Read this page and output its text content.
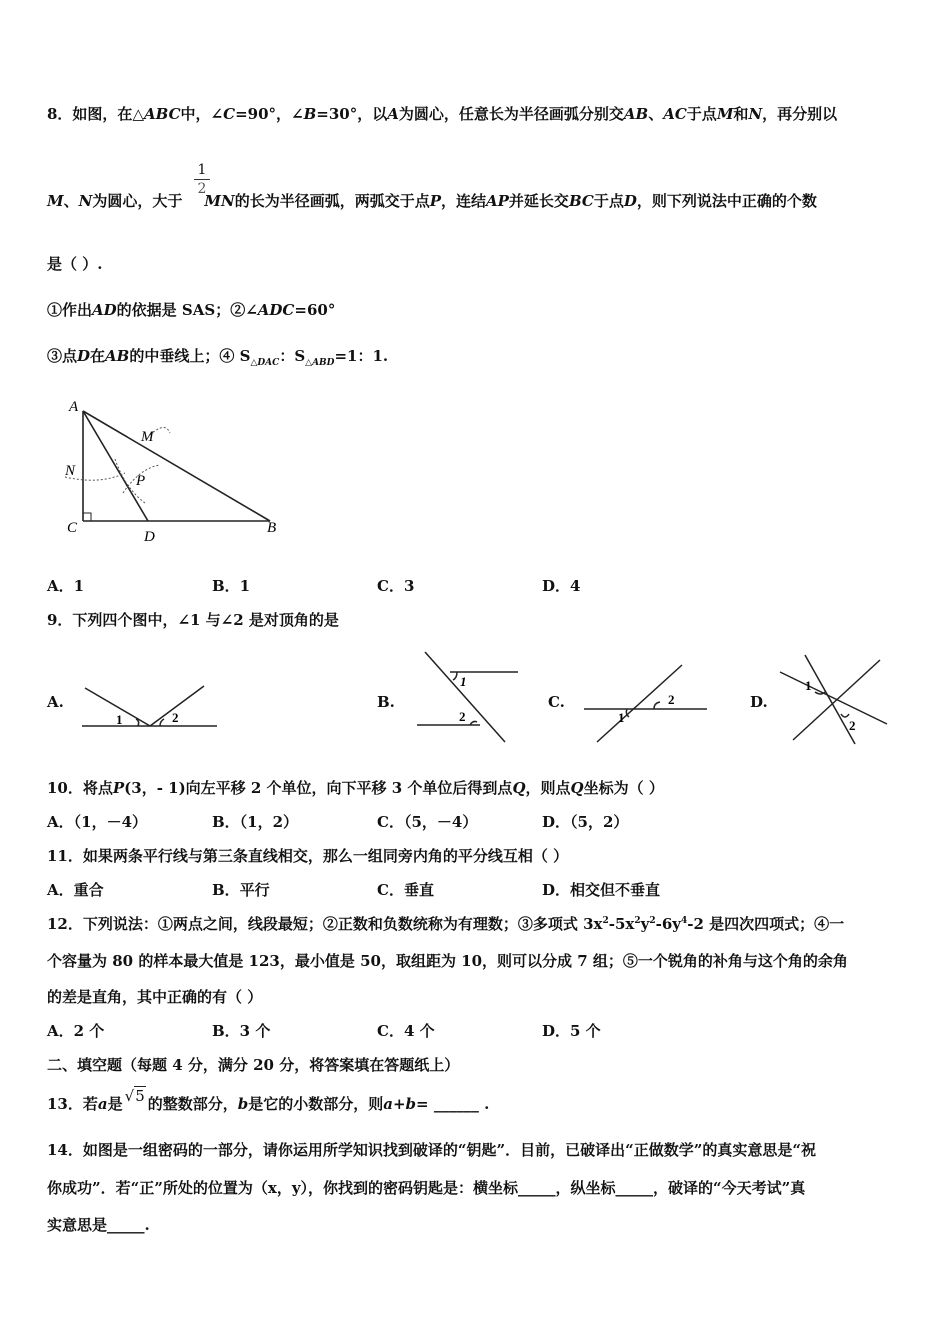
8．如图，在△ABC中，∠C=90°，∠B=30°，以A为圆心，任意长为半径画弧分别交AB、AC于点M和N，再分别以
1
2
M、N为圆心，大于 MN的长为半径画弧，两弧交于点P，连结AP并延长交BC于点D，则下列说法中正确的个数
是（ ）.
①作出AD的依据是 SAS；②∠ADC=60°
③点D在AB的中垂线上；④ $S_{\triangle DAC}$：$S_{\triangle ABD}=1$：1.
A
M
N
P
C
D
B
A．1	B．1	C．3	D．4
9．下列四个图中，∠1 与∠2 是对顶角的是
A.
1	2
B.
1
2
C.
1
2	D.
1
2
10．将点P(3，- 1)向左平移 2 个单位，向下平移 3 个单位后得到点Q，则点Q坐标为（ ）
A．（1，－4）	B．（1，2）	C．（5，－4）	D．（5，2）
11．如果两条平行线与第三条直线相交，那么一组同旁内角的平分线互相（ ）
A．重合	B．平行	C．垂直	D．相交但不垂直
12．下列说法：①两点之间，线段最短；②正数和负数统称为有理数；③多项式 $3x^2-5x^2y^2-6y^4-2$ 是四次四项式；④一
个容量为 80 的样本最大值是 123，最小值是 50，取组距为 10，则可以分成 7 组；⑤一个锐角的补角与这个角的余角
的差是直角，其中正确的有（ ）
A．2 个	B．3 个	C．4 个	D．5 个
二、填空题（每题 4 分，满分 20 分，将答案填在答题纸上）
13．若a是 √5 的整数部分，b是它的小数部分，则a+b= ______ .
14．如图是一组密码的一部分，请你运用所学知识找到破译的“钥匙”．目前，已破译出“正做数学”的真实意思是“祝
你成功”．若“正”所处的位置为（x，y），你找到的密码钥匙是：横坐标_____，纵坐标_____，破译的“今天考试”真
实意思是_____.
